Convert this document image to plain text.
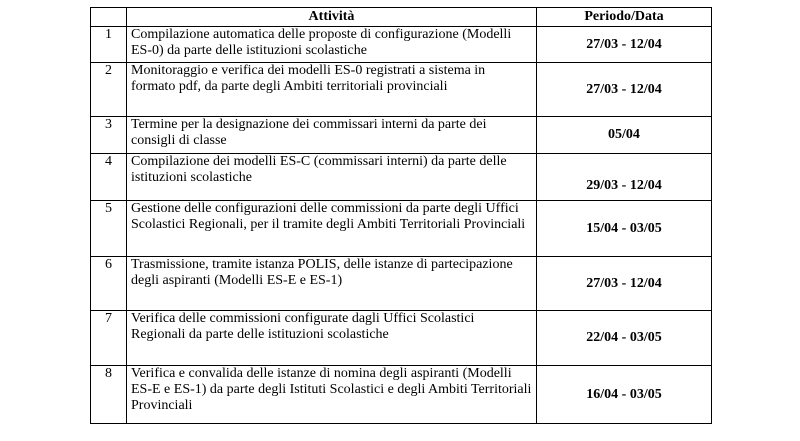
	Attività	Periodo/Data
1	Compilazione automatica delle proposte di configurazione (Modelli ES-0) da parte delle istituzioni scolastiche	27/03 - 12/04
2	Monitoraggio e verifica dei modelli ES-0 registrati a sistema in formato pdf, da parte degli Ambiti territoriali provinciali	27/03 - 12/04
3	Termine per la designazione dei commissari interni da parte dei consigli di classe	05/04
4	Compilazione dei modelli ES-C (commissari interni) da parte delle istituzioni scolastiche	29/03 - 12/04
5	Gestione delle configurazioni delle commissioni da parte degli Uffici Scolastici Regionali, per il tramite degli Ambiti Territoriali Provinciali	15/04 - 03/05
6	Trasmissione, tramite istanza POLIS, delle istanze di partecipazione degli aspiranti (Modelli ES-E e ES-1)	27/03 - 12/04
7	Verifica delle commissioni configurate dagli Uffici Scolastici Regionali da parte delle istituzioni scolastiche	22/04 - 03/05
8	Verifica e convalida delle istanze di nomina degli aspiranti (Modelli ES-E e ES-1) da parte degli Istituti Scolastici e degli Ambiti Territoriali Provinciali	16/04 - 03/05
